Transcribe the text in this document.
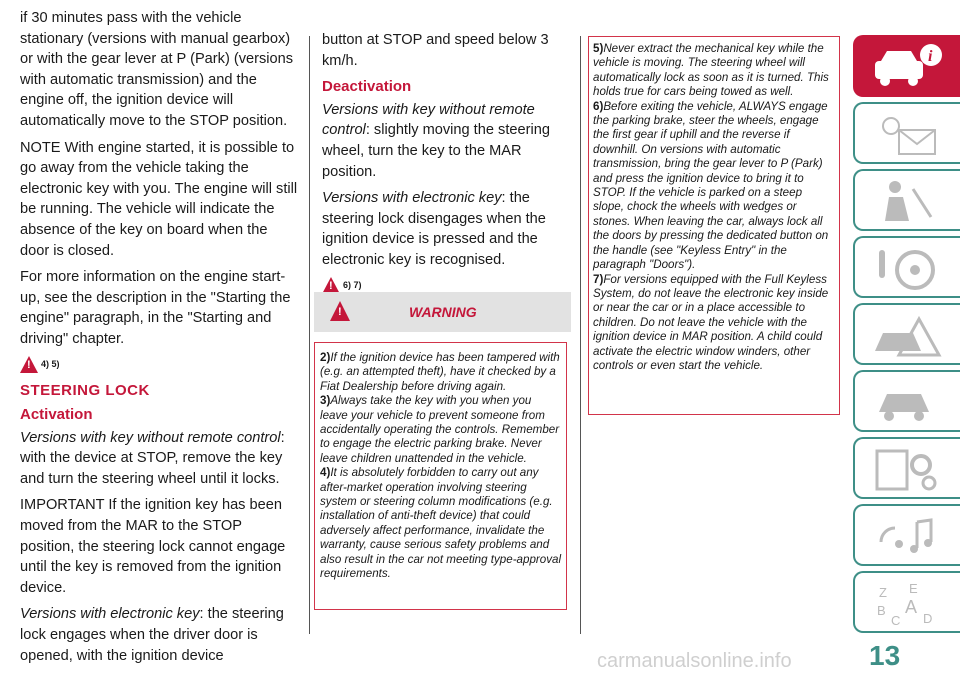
if 30 minutes pass with the vehicle stationary (versions with manual gearbox) or with the gear lever at P (Park) (versions with automatic transmission) and the engine off, the ignition device will automatically move to the STOP position.

NOTE With engine started, it is possible to go away from the vehicle taking the electronic key with you. The engine will still be running. The vehicle will indicate the absence of the key on board when the door is closed.

For more information on the engine start-up, see the description in the "Starting the engine" paragraph, in the "Starting and driving" chapter.

!
4) 5)
STEERING LOCK
Activation

Versions with key without remote control: with the device at STOP, remove the key and turn the steering wheel until it locks.

IMPORTANT If the ignition key has been moved from the MAR to the STOP position, the steering lock cannot engage until the key is removed from the ignition device.

Versions with electronic key: the steering lock engages when the driver door is opened, with the ignition device

button at STOP and speed below 3 km/h.

Deactivation

Versions with key without remote control: slightly moving the steering wheel, turn the key to the MAR position.

Versions with electronic key: the steering lock disengages when the ignition device is pressed and the electronic key is recognised.

!
6) 7)
!
WARNING

2)If the ignition device has been tampered with (e.g. an attempted theft), have it checked by a Fiat Dealership before driving again.

3)Always take the key with you when you leave your vehicle to prevent someone from accidentally operating the controls. Remember to engage the electric parking brake. Never leave children unattended in the vehicle.

4)It is absolutely forbidden to carry out any after-market operation involving steering system or steering column modifications (e.g. installation of anti-theft device) that could adversely affect performance, invalidate the warranty, cause serious safety problems and also result in the car not meeting type-approval requirements.

5)Never extract the mechanical key while the vehicle is moving. The steering wheel will automatically lock as soon as it is turned. This holds true for cars being towed as well.

6)Before exiting the vehicle, ALWAYS engage the parking brake, steer the wheels, engage the first gear if uphill and the reverse if downhill. On versions with automatic transmission, bring the gear lever to P (Park) and press the ignition device to bring it to STOP. If the vehicle is parked on a steep slope, chock the wheels with wedges or stones. When leaving the car, always lock all the doors by pressing the dedicated button on the handle (see "Keyless Entry" in the paragraph "Doors").

7)For versions equipped with the Full Keyless System, do not leave the electronic key inside or near the car or in a place accessible to children. Do not leave the vehicle with the ignition device in MAR position. A child could activate the electric window winders, other controls or even start the vehicle.

i
Z E
B A
C D
13
carmanualsonline.info
